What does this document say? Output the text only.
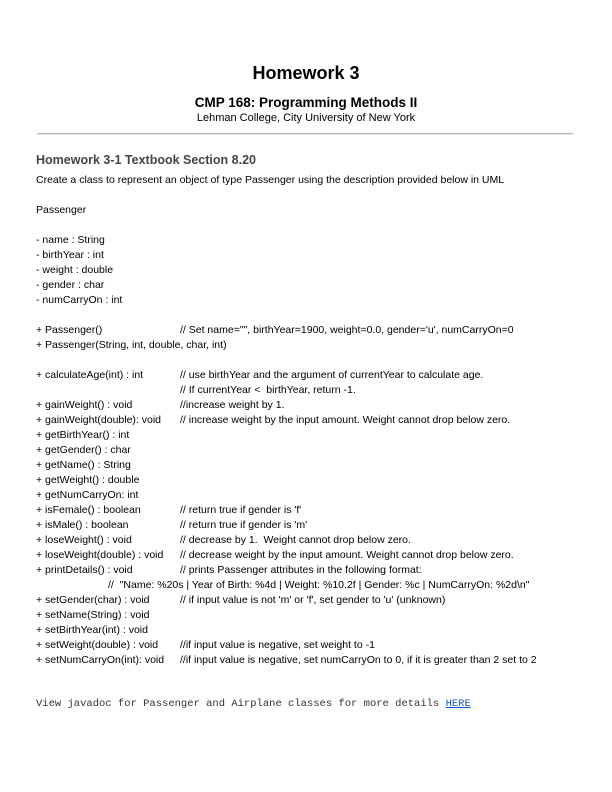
Homework 3
CMP 168: Programming Methods II
Lehman College, City University of New York
Homework 3-1 Textbook Section 8.20
Create a class to represent an object of type Passenger using the description provided below in UML
Passenger
- name : String
- birthYear : int
- weight : double
- gender : char
- numCarryOn : int
+ Passenger()	// Set name="", birthYear=1900, weight=0.0, gender='u', numCarryOn=0
+ Passenger(String, int, double, char, int)
+ calculateAge(int) : int	// use birthYear and the argument of currentYear to calculate age.
// If currentYear <  birthYear, return -1.
+ gainWeight() : void	//increase weight by 1.
+ gainWeight(double): void // increase weight by the input amount. Weight cannot drop below zero.
+ getBirthYear() : int
+ getGender() : char
+ getName() : String
+ getWeight() : double
+ getNumCarryOn: int
+ isFemale() : boolean	// return true if gender is 'f'
+ isMale() : boolean	// return true if gender is 'm'
+ loseWeight() : void	// decrease by 1.  Weight cannot drop below zero.
+ loseWeight(double) : void // decrease weight by the input amount. Weight cannot drop below zero.
+ printDetails() : void	// prints Passenger attributes in the following format:
//  "Name: %20s | Year of Birth: %4d | Weight: %10.2f | Gender: %c | NumCarryOn: %2d\n"
+ setGender(char) : void	// if input value is not 'm' or 'f', set gender to 'u' (unknown)
+ setName(String) : void
+ setBirthYear(int) : void
+ setWeight(double) : void //if input value is negative, set weight to -1
+ setNumCarryOn(int): void //if input value is negative, set numCarryOn to 0, if it is greater than 2 set to 2
View javadoc for Passenger and Airplane classes for more details HERE
